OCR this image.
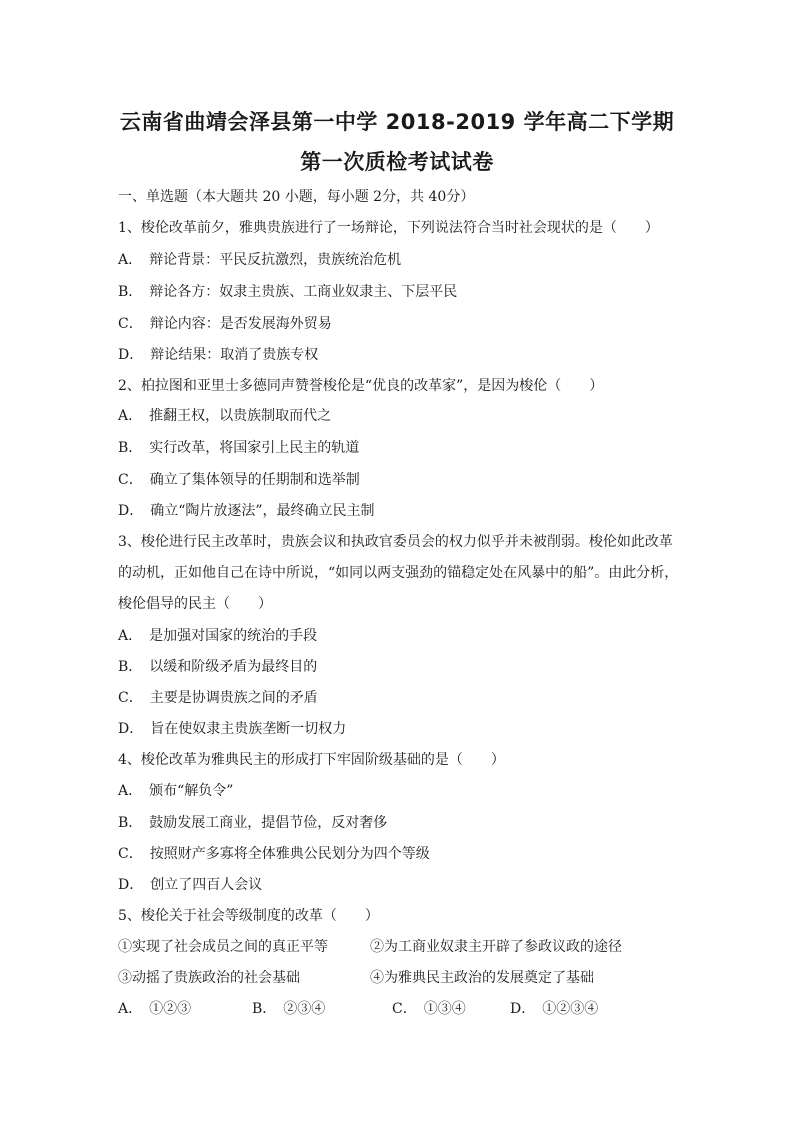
云南省曲靖会泽县第一中学 2018-2019 学年高二下学期
第一次质检考试试卷
一、单选题（本大题共 20 小题，每小题 2分，共 40分）
1、梭伦改革前夕，雅典贵族进行了一场辩论，下列说法符合当时社会现状的是（　　）
A．　辩论背景：平民反抗激烈，贵族统治危机
B．　辩论各方：奴隶主贵族、工商业奴隶主、下层平民
C．　辩论内容：是否发展海外贸易
D．　辩论结果：取消了贵族专权
2、柏拉图和亚里士多德同声赞誉梭伦是“优良的改革家”，是因为梭伦（　　）
A．　推翻王权，以贵族制取而代之
B．　实行改革，将国家引上民主的轨道
C．　确立了集体领导的任期制和选举制
D．　确立“陶片放逐法”，最终确立民主制
3、梭伦进行民主改革时，贵族会议和执政官委员会的权力似乎并未被削弱。梭伦如此改革
的动机，正如他自己在诗中所说，“如同以两支强劲的锚稳定处在风暴中的船”。由此分析，
梭伦倡导的民主（　　）
A．　是加强对国家的统治的手段
B．　以缓和阶级矛盾为最终目的
C．　主要是协调贵族之间的矛盾
D．　旨在使奴隶主贵族垄断一切权力
4、梭伦改革为雅典民主的形成打下牢固阶级基础的是（　　）
A．　颁布“解负令”
B．　鼓励发展工商业，提倡节俭，反对奢侈
C．　按照财产多寡将全体雅典公民划分为四个等级
D．　创立了四百人会议
5、梭伦关于社会等级制度的改革（　　）
①实现了社会成员之间的真正平等	②为工商业奴隶主开辟了参政议政的途径
③动摇了贵族政治的社会基础	④为雅典民主政治的发展奠定了基础
A．　①②③	B．　②③④	C．　①③④	D．　①②③④
